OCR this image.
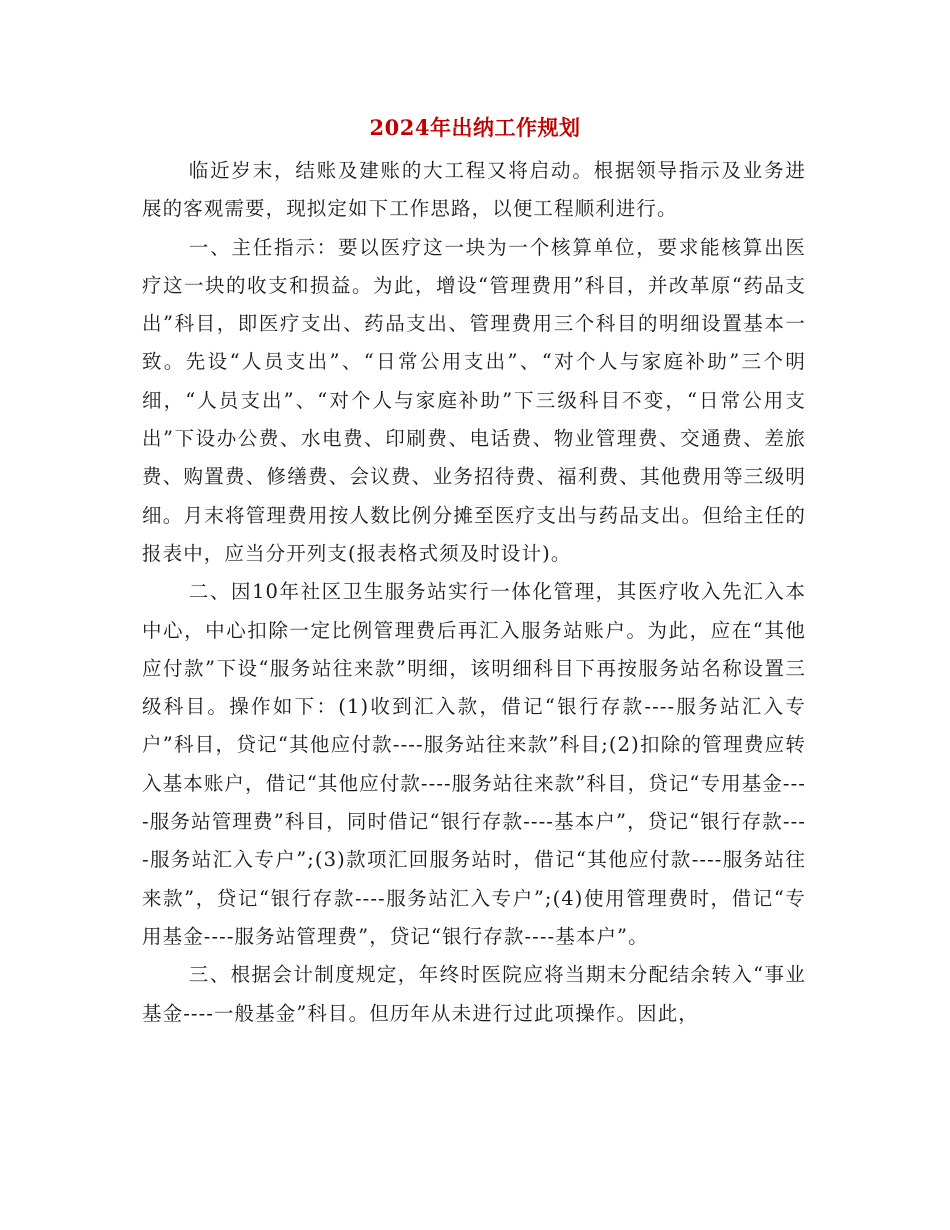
2024年出纳工作规划

临近岁末，结账及建账的大工程又将启动。根据领导指示及业务进展的客观需要，现拟定如下工作思路，以便工程顺利进行。

一、主任指示：要以医疗这一块为一个核算单位，要求能核算出医疗这一块的收支和损益。为此，增设“管理费用”科目，并改革原“药品支出”科目，即医疗支出、药品支出、管理费用三个科目的明细设置基本一致。先设“人员支出”、“日常公用支出”、“对个人与家庭补助”三个明细，“人员支出”、“对个人与家庭补助”下三级科目不变，“日常公用支出”下设办公费、水电费、印刷费、电话费、物业管理费、交通费、差旅费、购置费、修缮费、会议费、业务招待费、福利费、其他费用等三级明细。月末将管理费用按人数比例分摊至医疗支出与药品支出。但给主任的报表中，应当分开列支(报表格式须及时设计)。

二、因10年社区卫生服务站实行一体化管理，其医疗收入先汇入本中心，中心扣除一定比例管理费后再汇入服务站账户。为此，应在“其他应付款”下设“服务站往来款”明细，该明细科目下再按服务站名称设置三级科目。操作如下：(1)收到汇入款，借记“银行存款----服务站汇入专户”科目，贷记“其他应付款----服务站往来款”科目;(2)扣除的管理费应转入基本账户，借记“其他应付款----服务站往来款”科目，贷记“专用基金----服务站管理费”科目，同时借记“银行存款----基本户”，贷记“银行存款----服务站汇入专户”;(3)款项汇回服务站时，借记“其他应付款----服务站往来款”，贷记“银行存款----服务站汇入专户”;(4)使用管理费时，借记“专用基金----服务站管理费”，贷记“银行存款----基本户”。

三、根据会计制度规定，年终时医院应将当期末分配结余转入“事业基金----一般基金”科目。但历年从未进行过此项操作。因此，
